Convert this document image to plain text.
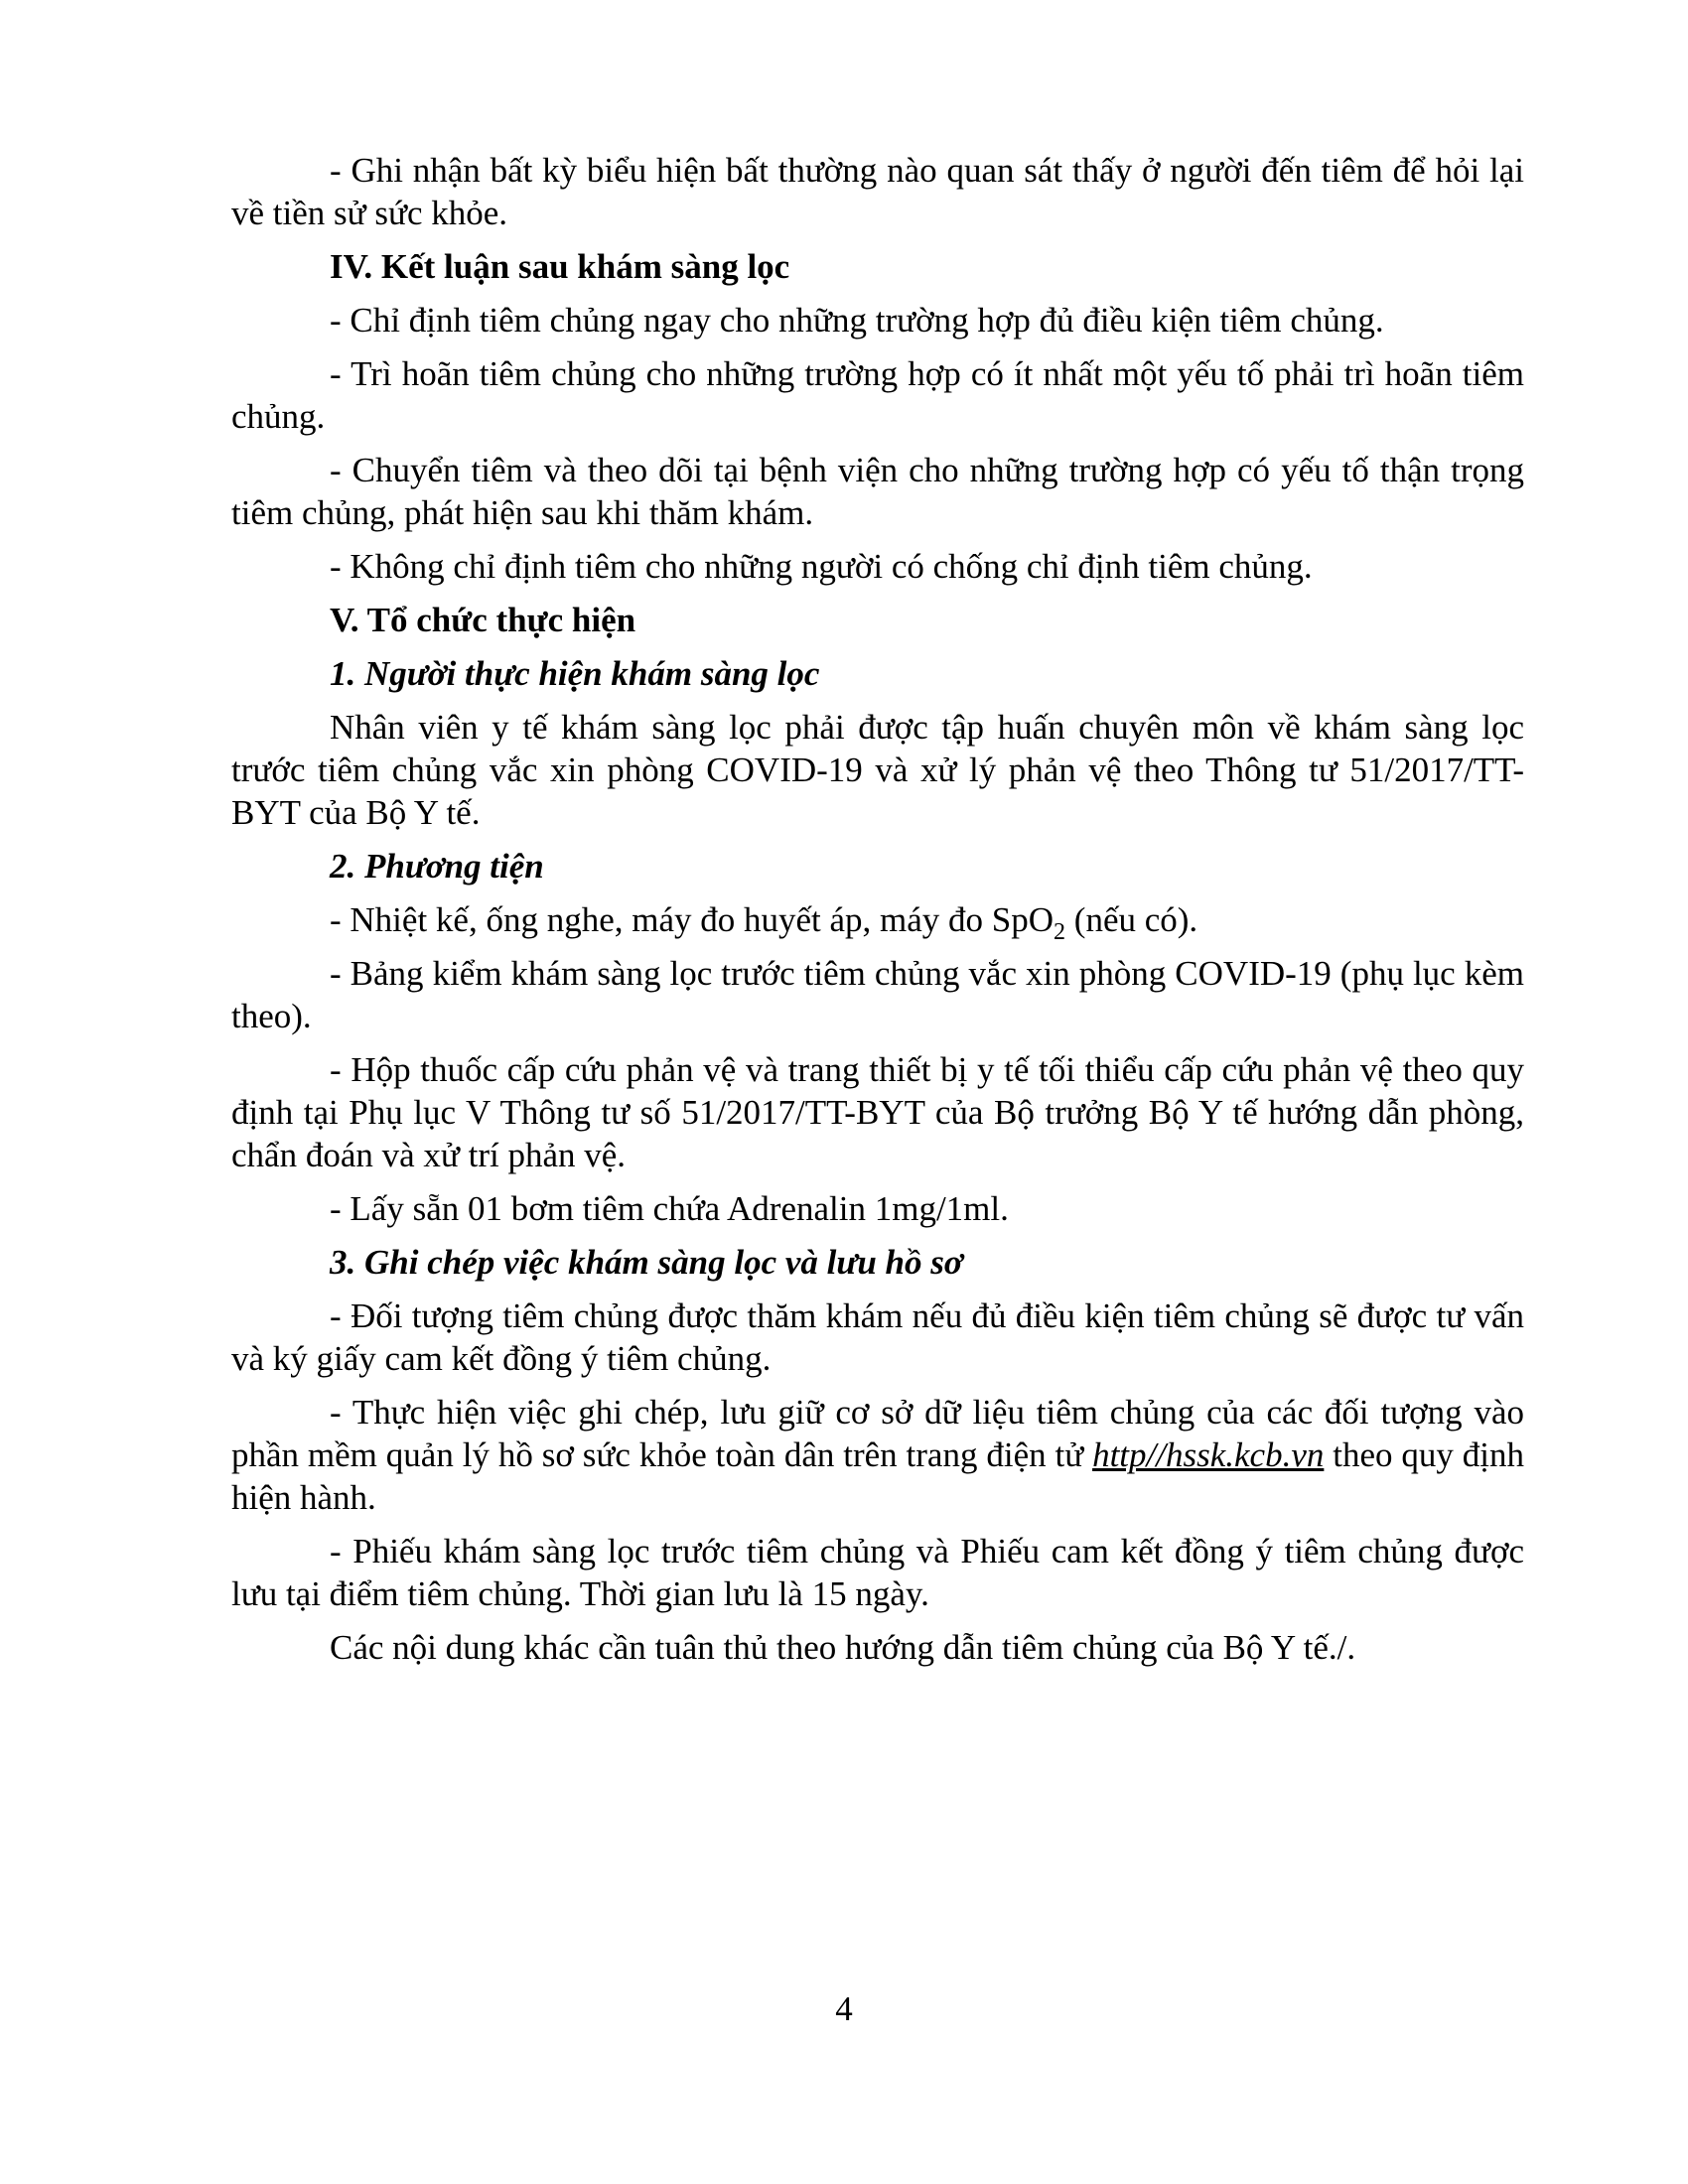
- Ghi nhận bất kỳ biểu hiện bất thường nào quan sát thấy ở người đến tiêm để hỏi lại về tiền sử sức khỏe.

IV. Kết luận sau khám sàng lọc

- Chỉ định tiêm chủng ngay cho những trường hợp đủ điều kiện tiêm chủng.

- Trì hoãn tiêm chủng cho những trường hợp có ít nhất một yếu tố phải trì hoãn tiêm chủng.

- Chuyển tiêm và theo dõi tại bệnh viện cho những trường hợp có yếu tố thận trọng tiêm chủng, phát hiện sau khi thăm khám.

- Không chỉ định tiêm cho những người có chống chỉ định tiêm chủng.

V. Tổ chức thực hiện

1. Người thực hiện khám sàng lọc

Nhân viên y tế khám sàng lọc phải được tập huấn chuyên môn về khám sàng lọc trước tiêm chủng vắc xin phòng COVID-19 và xử lý phản vệ theo Thông tư 51/2017/TT-BYT của Bộ Y tế.

2. Phương tiện

- Nhiệt kế, ống nghe, máy đo huyết áp, máy đo SpO$_2$ (nếu có).

- Bảng kiểm khám sàng lọc trước tiêm chủng vắc xin phòng COVID-19 (phụ lục kèm theo).

- Hộp thuốc cấp cứu phản vệ và trang thiết bị y tế tối thiểu cấp cứu phản vệ theo quy định tại Phụ lục V Thông tư số 51/2017/TT-BYT của Bộ trưởng Bộ Y tế hướng dẫn phòng, chẩn đoán và xử trí phản vệ.

- Lấy sẵn 01 bơm tiêm chứa Adrenalin 1mg/1ml.

3. Ghi chép việc khám sàng lọc và lưu hồ sơ

- Đối tượng tiêm chủng được thăm khám nếu đủ điều kiện tiêm chủng sẽ được tư vấn và ký giấy cam kết đồng ý tiêm chủng.

- Thực hiện việc ghi chép, lưu giữ cơ sở dữ liệu tiêm chủng của các đối tượng vào phần mềm quản lý hồ sơ sức khỏe toàn dân trên trang điện tử http//hssk.kcb.vn theo quy định hiện hành.

- Phiếu khám sàng lọc trước tiêm chủng và Phiếu cam kết đồng ý tiêm chủng được lưu tại điểm tiêm chủng. Thời gian lưu là 15 ngày.

Các nội dung khác cần tuân thủ theo hướng dẫn tiêm chủng của Bộ Y tế./.

4
